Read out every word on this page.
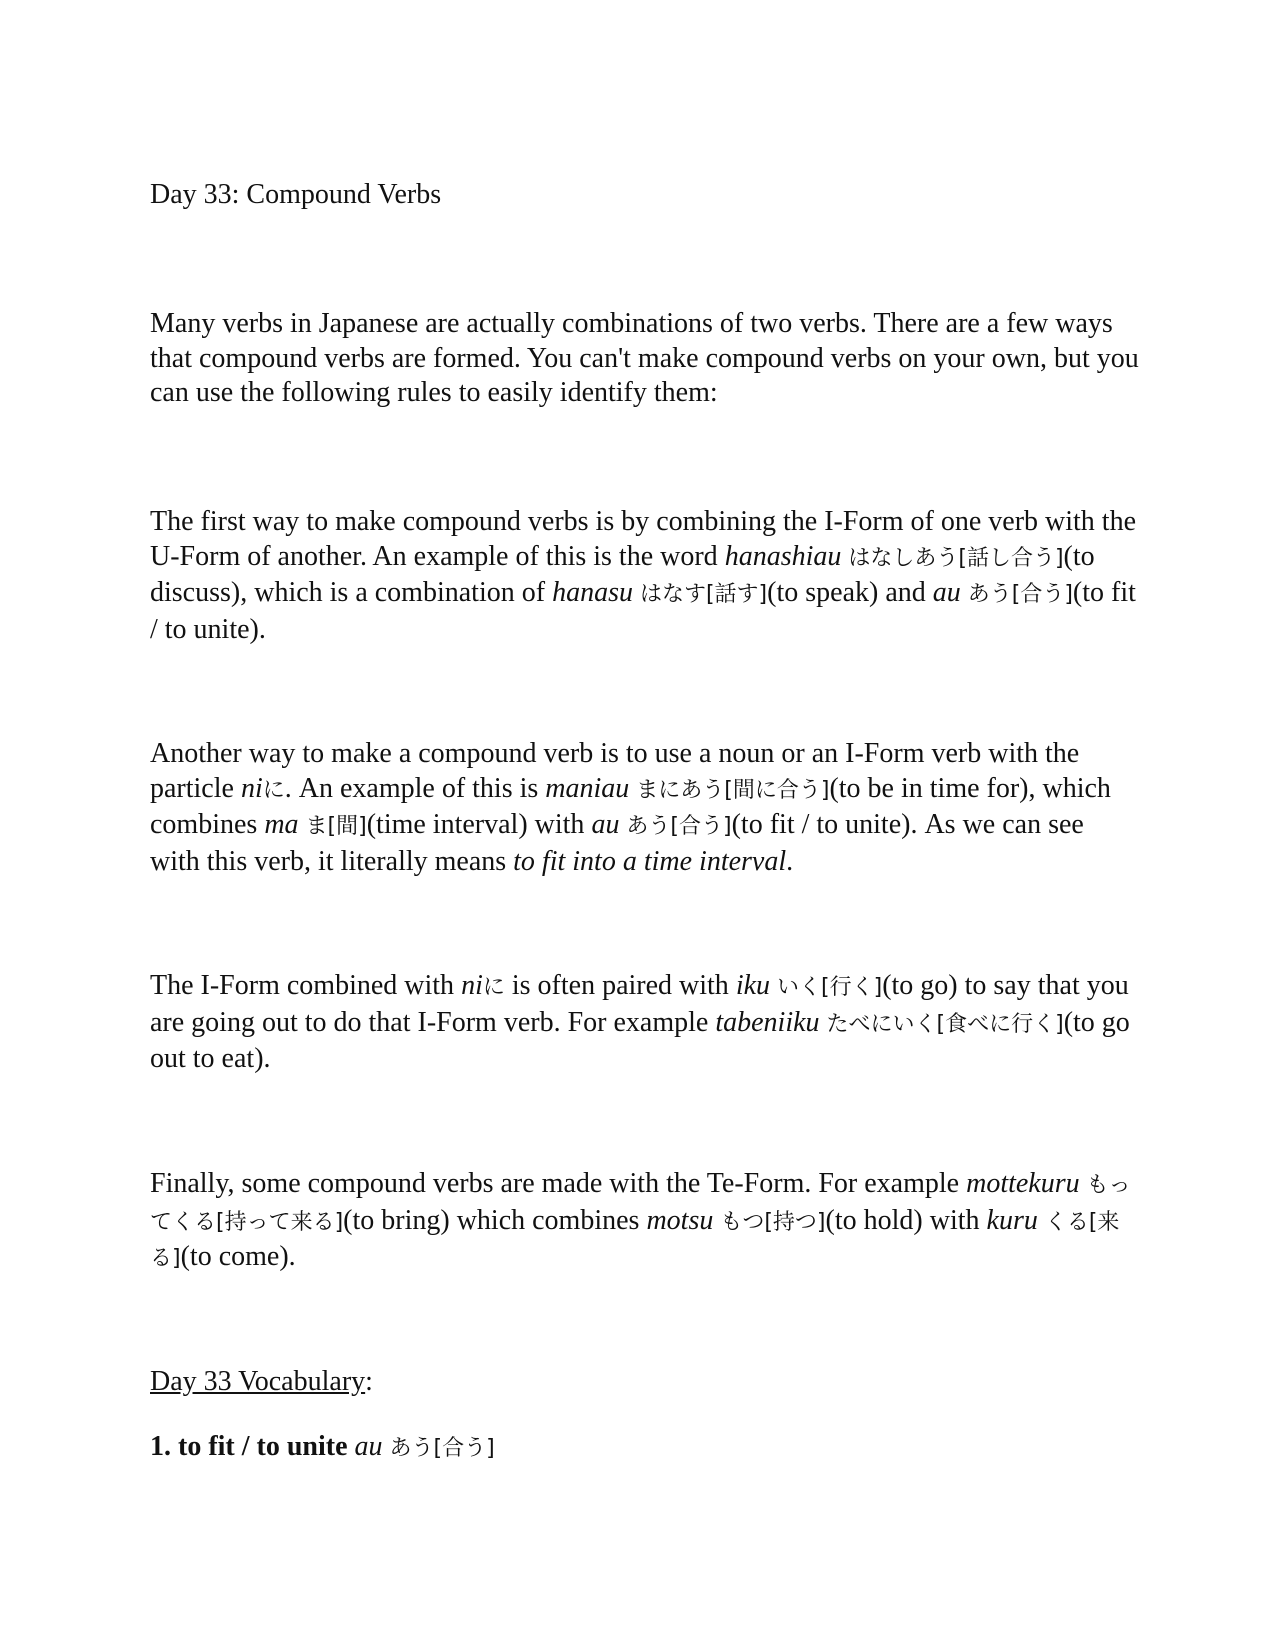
Day 33: Compound Verbs
Many verbs in Japanese are actually combinations of two verbs. There are a few ways that compound verbs are formed. You can't make compound verbs on your own, but you can use the following rules to easily identify them:
The first way to make compound verbs is by combining the I-Form of one verb with the U-Form of another. An example of this is the word hanashiau はなしあう[話し合う](to discuss), which is a combination of hanasu はなす[話す](to speak) and au あう[合う](to fit / to unite).
Another way to make a compound verb is to use a noun or an I-Form verb with the particle niに. An example of this is maniau まにあう[間に合う](to be in time for), which combines ma ま[間](time interval) with au あう[合う](to fit / to unite). As we can see with this verb, it literally means to fit into a time interval.
The I-Form combined with niに is often paired with iku いく[行く](to go) to say that you are going out to do that I-Form verb. For example tabeniiku たべにいく[食べに行く](to go out to eat).
Finally, some compound verbs are made with the Te-Form. For example mottekuru もってくる[持って来る](to bring) which combines motsu もつ[持つ](to hold) with kuru くる[来る](to come).
Day 33 Vocabulary:
1. to fit / to unite au あう[合う]
